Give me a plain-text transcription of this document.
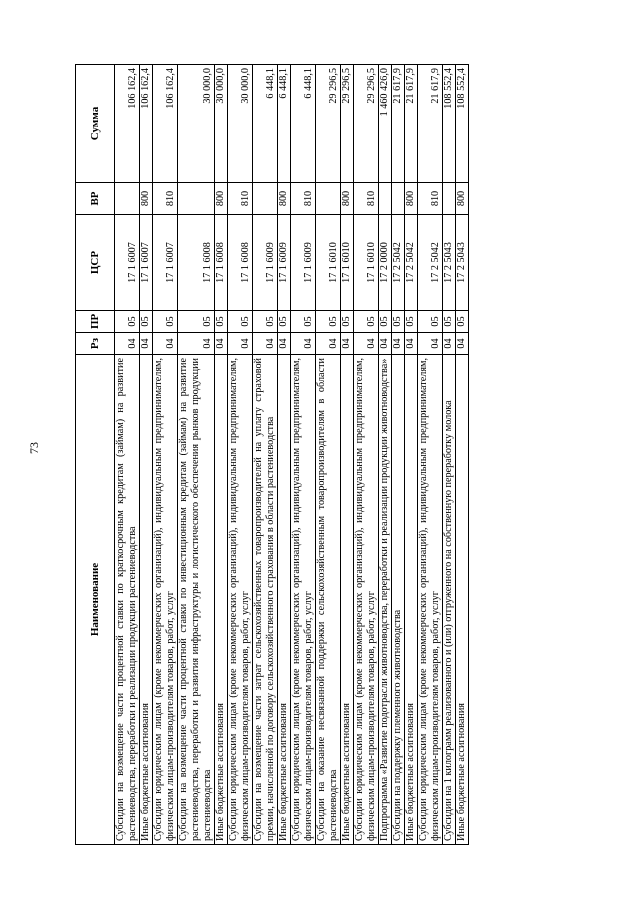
73
Наименование	Рз	ПР	ЦСР	ВР	Сумма
Субсидии на возмещение части процентной ставки по краткосрочным кредитам (займам) на развитие растениеводства, переработки и реализации продукции растениеводства	04	05	17 1 6007		106 162,4
Иные бюджетные ассигнования	04	05	17 1 6007	800	106 162,4
Субсидии юридическим лицам (кроме некоммерческих организаций), индивидуальным предпринимателям, физическим лицам-производителям товаров, работ, услуг	04	05	17 1 6007	810	106 162,4
Субсидии на возмещение части процентной ставки по инвестиционным кредитам (займам) на развитие растениеводства, переработки и развития инфраструктуры и логистического обеспечения рынков продукции растениеводства	04	05	17 1 6008		30 000,0
Иные бюджетные ассигнования	04	05	17 1 6008	800	30 000,0
Субсидии юридическим лицам (кроме некоммерческих организаций), индивидуальным предпринимателям, физическим лицам-производителям товаров, работ, услуг	04	05	17 1 6008	810	30 000,0
Субсидии на возмещение части затрат сельскохозяйственных товаропроизводителей на уплату страховой премии, начисленной по договору сельскохозяйственного страхования в области растениеводства	04	05	17 1 6009		6 448,1
Иные бюджетные ассигнования	04	05	17 1 6009	800	6 448,1
Субсидии юридическим лицам (кроме некоммерческих организаций), индивидуальным предпринимателям, физическим лицам-производителям товаров, работ, услуг	04	05	17 1 6009	810	6 448,1
Субсидии на оказание несвязанной поддержки сельскохозяйственным товаропроизводителям в области растениеводства	04	05	17 1 6010		29 296,5
Иные бюджетные ассигнования	04	05	17 1 6010	800	29 296,5
Субсидии юридическим лицам (кроме некоммерческих организаций), индивидуальным предпринимателям, физическим лицам-производителям товаров, работ, услуг	04	05	17 1 6010	810	29 296,5
Подпрограмма «Развитие подотрасли животноводства, переработки и реализации продукции животноводства»	04	05	17 2 0000		1 460 426,0
Субсидии на поддержку племенного животноводства	04	05	17 2 5042		21 617,9
Иные бюджетные ассигнования	04	05	17 2 5042	800	21 617,9
Субсидии юридическим лицам (кроме некоммерческих организаций), индивидуальным предпринимателям, физическим лицам-производителям товаров, работ, услуг	04	05	17 2 5042	810	21 617,9
Субсидии на 1 килограмм реализованного и (или) отгруженного на собственную переработку молока	04	05	17 2 5043		108 552,4
Иные бюджетные ассигнования	04	05	17 2 5043	800	108 552,4
